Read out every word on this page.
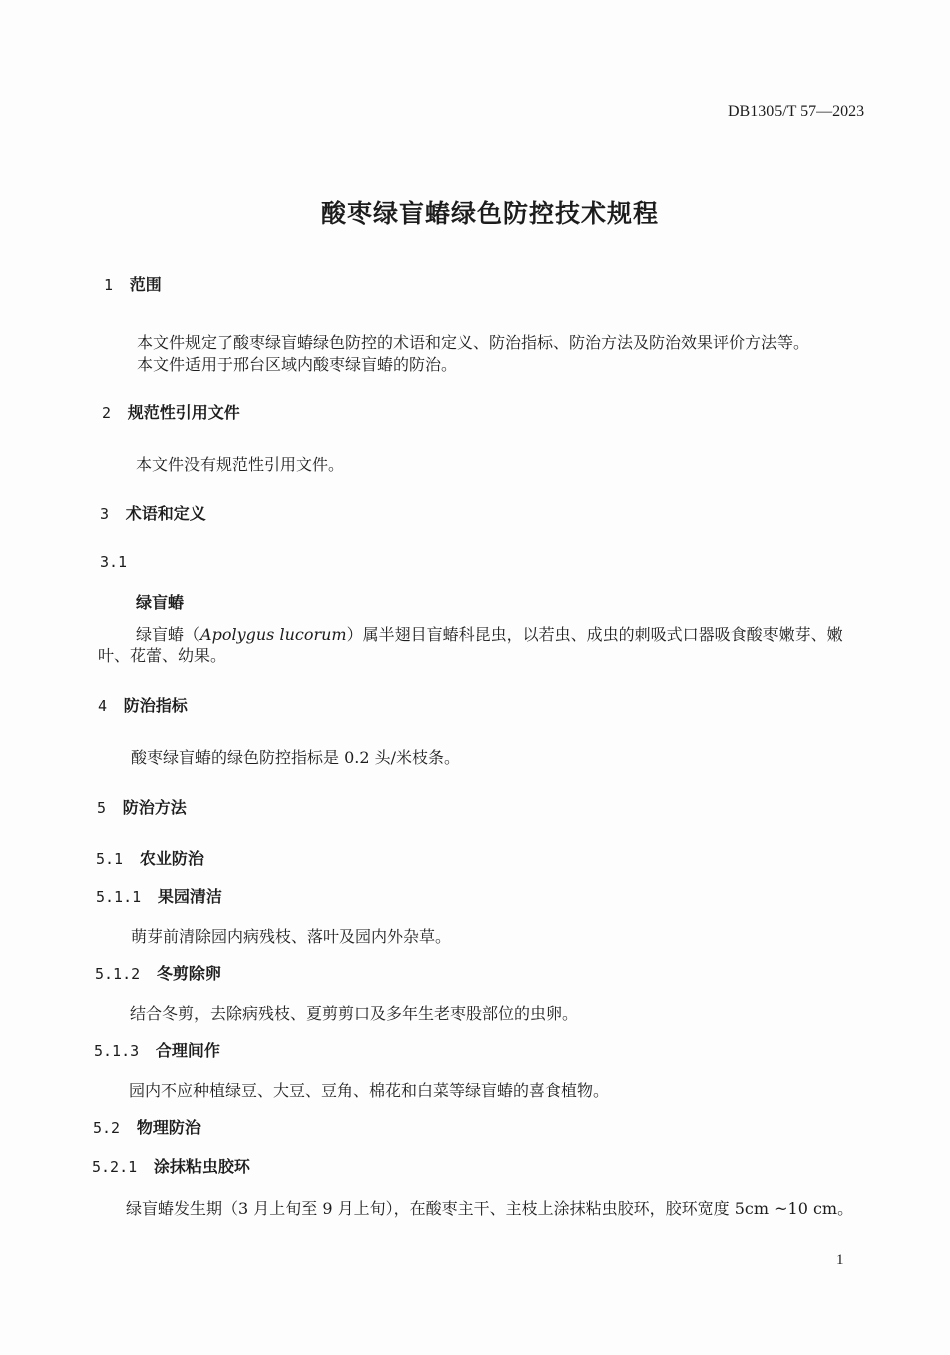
DB1305/T 57—2023
酸枣绿盲蝽绿色防控技术规程
1 范围
本文件规定了酸枣绿盲蝽绿色防控的术语和定义、防治指标、防治方法及防治效果评价方法等。
本文件适用于邢台区域内酸枣绿盲蝽的防治。
2 规范性引用文件
本文件没有规范性引用文件。
3 术语和定义
3.1
绿盲蝽
绿盲蝽（Apolygus lucorum）属半翅目盲蝽科昆虫，以若虫、成虫的刺吸式口器吸食酸枣嫩芽、嫩
叶、花蕾、幼果。
4 防治指标
酸枣绿盲蝽的绿色防控指标是 0.2 头/米枝条。
5 防治方法
5.1 农业防治
5.1.1 果园清洁
萌芽前清除园内病残枝、落叶及园内外杂草。
5.1.2 冬剪除卵
结合冬剪，去除病残枝、夏剪剪口及多年生老枣股部位的虫卵。
5.1.3 合理间作
园内不应种植绿豆、大豆、豆角、棉花和白菜等绿盲蝽的喜食植物。
5.2 物理防治
5.2.1 涂抹粘虫胶环
绿盲蝽发生期（3 月上旬至 9 月上旬），在酸枣主干、主枝上涂抹粘虫胶环，胶环宽度 5cm ~10 cm。
1
